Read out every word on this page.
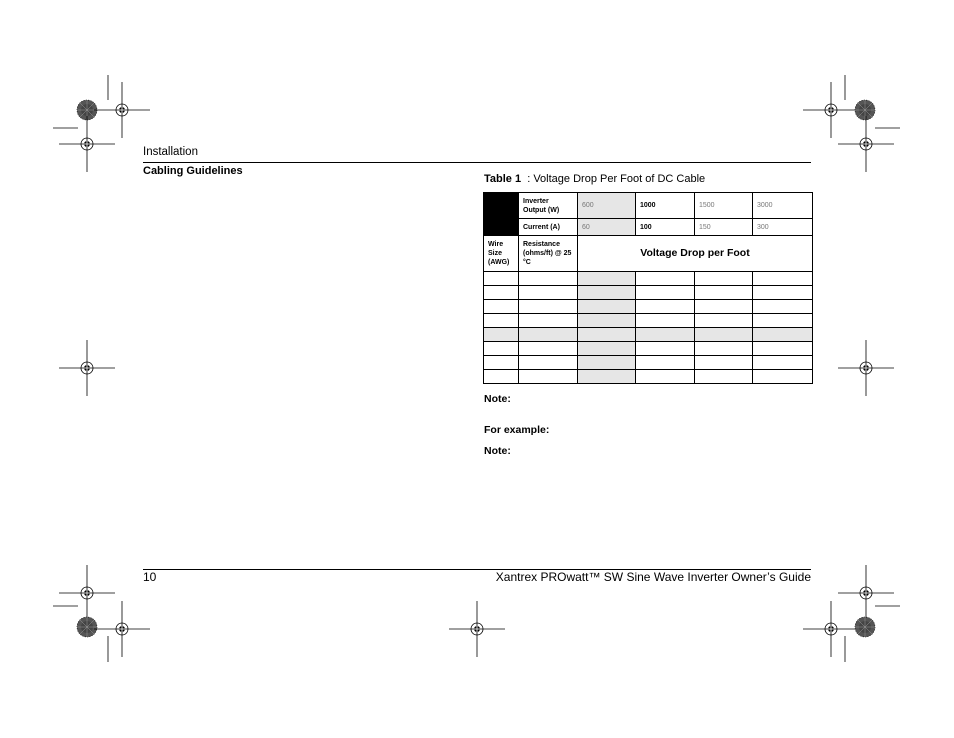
Installation
Cabling Guidelines
Table 1 : Voltage Drop Per Foot of DC Cable
	Inverter Output (W)	600	1000	1500	3000
	Current (A)	60	100	150	300
Wire Size (AWG)	Resistance (ohms/ft) @ 25 °C	Voltage Drop per Foot			

Note:
For example:
Note:
10	Xantrex PROwatt™ SW Sine Wave Inverter Owner’s Guide
